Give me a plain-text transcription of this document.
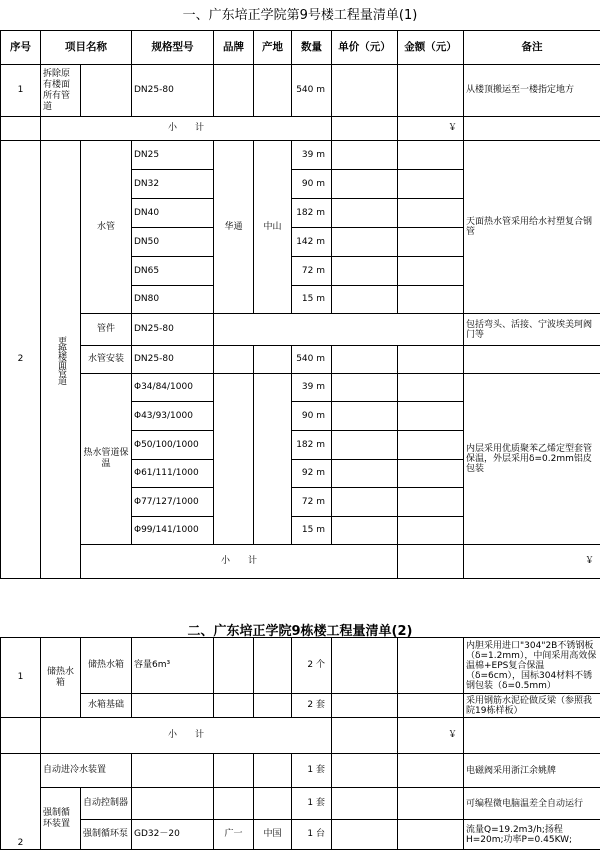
一、广东培正学院第9号楼工程量清单(1)
序号	项目名称		规格型号	品牌	产地	数量	单价（元）	金额（元）	备注
1	拆除原有楼面所有管道		DN25-80			540 m			从楼顶搬运至一楼指定地方
	小　　计							￥	
2	更换楼面管道	水管	DN25	华通	中山	39 m			天面热水管采用给水衬塑复合钢管	
			DN32			90 m				
			DN40			182 m				
			DN50			142 m				
			DN65			72 m				
			DN80			15 m				
		管件	DN25-80						包括弯头、活接、宁波埃美珂阀门等	
		水管安装	DN25-80			540 m				
		热水管道保温	Φ34/84/1000			39 m			内层采用优质聚苯乙烯定型套管保温，外层采用δ=0.2mm铝皮包装	
			Φ43/93/1000			90 m				
			Φ50/100/1000			182 m				
			Φ61/111/1000			92 m				
			Φ77/127/1000			72 m				
			Φ99/141/1000			15 m				
		小　　计							￥	
二、广东培正学院9栋楼工程量清单(2)
1	储热水箱	储热水箱	容量6m³			2 个			内胆采用进口"304"2B不锈钢板（δ=1.2mm），中间采用高效保温棉+EPS复合保温（δ=6cm），国标304材料不锈钢包装（δ=0.5mm）
		水箱基础				2 套			采用钢筋水泥砼做反梁（参照我院19栋样板）
	小　　计							￥	
2	自动进冷水装置					1 套			电磁阀采用浙江余姚牌
	强制循环装置	自动控制器				1 套			可编程微电脑温差全自动运行
		强制循环泵	GD32－20	广一	中国	1 台			流量Q=19.2m3/h;扬程H=20m;功率P=0.45KW;
